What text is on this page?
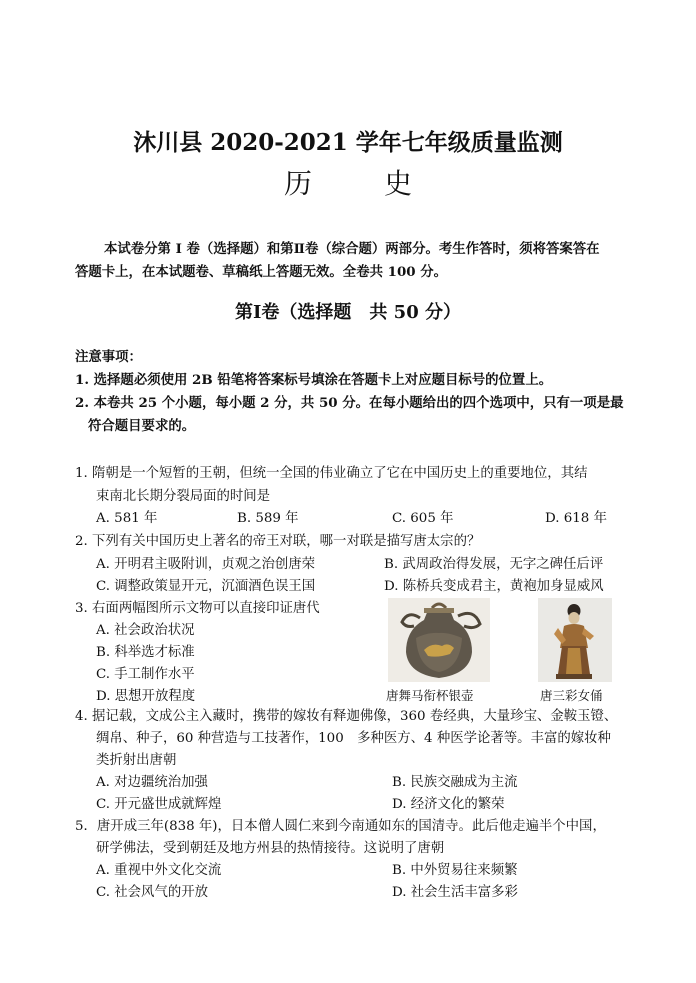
沐川县 2020-2021 学年七年级质量监测
历	史
本试卷分第 I 卷（选择题）和第Ⅱ卷（综合题）两部分。考生作答时，须将答案答在
答题卡上，在本试题卷、草稿纸上答题无效。全卷共 100 分。
第Ⅰ卷（选择题　共 50 分）
注意事项：
1. 选择题必须使用 2B 铅笔将答案标号填涂在答题卡上对应题目标号的位置上。
2. 本卷共 25 个小题，每小题 2 分，共 50 分。在每小题给出的四个选项中，只有一项是最
符合题目要求的。
1. 隋朝是一个短暂的王朝，但统一全国的伟业确立了它在中国历史上的重要地位，其结
束南北长期分裂局面的时间是
A. 581 年	B. 589 年	C. 605 年	D. 618 年
2. 下列有关中国历史上著名的帝王对联，哪一对联是描写唐太宗的？
A. 开明君主吸附训，贞观之治创唐荣	B. 武周政治得发展，无字之碑任后评
C. 调整政策显开元，沉湎酒色误王国	D. 陈桥兵变成君主，黄袍加身显威风
3. 右面两幅图所示文物可以直接印证唐代
A. 社会政治状况
B. 科举选才标准
C. 手工制作水平
D. 思想开放程度	唐舞马衔杯银壶	唐三彩女俑
4. 据记载，文成公主入藏时，携带的嫁妆有释迦佛像，360 卷经典，大量珍宝、金鞍玉镫、
绸帛、种子，60 种营造与工技著作，100　多种医方、4 种医学论著等。丰富的嫁妆种
类折射出唐朝
A. 对边疆统治加强	B. 民族交融成为主流
C. 开元盛世成就辉煌	D. 经济文化的繁荣
5．唐开成三年(838 年)，日本僧人圆仁来到今南通如东的国清寺。此后他走遍半个中国，
研学佛法，受到朝廷及地方州县的热情接待。这说明了唐朝
A. 重视中外文化交流	B. 中外贸易往来频繁
C. 社会风气的开放	D. 社会生活丰富多彩
